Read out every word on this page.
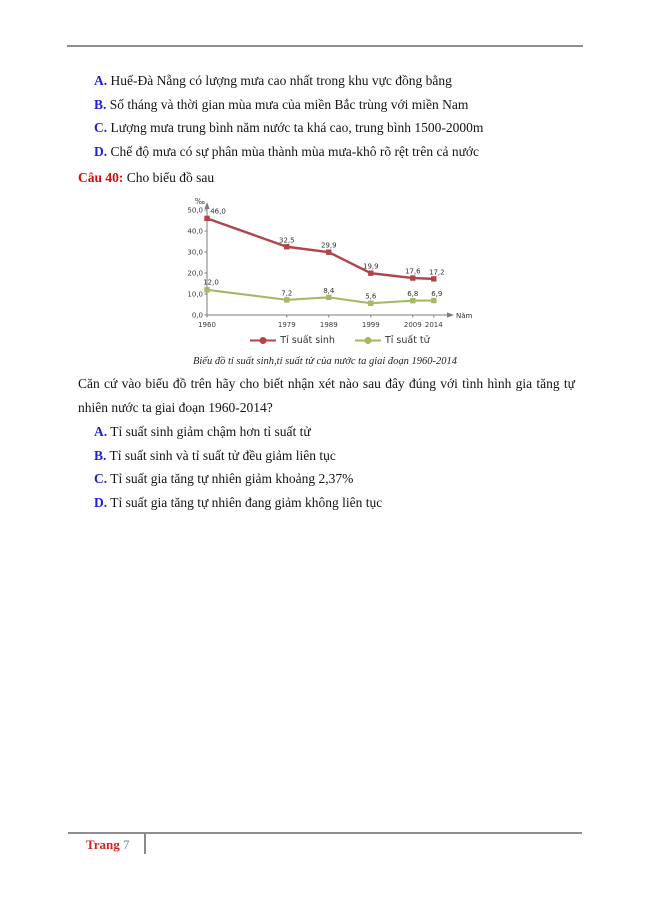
A. Huế-Đà Nẵng có lượng mưa cao nhất trong khu vực đồng bằng
B. Số tháng và thời gian mùa mưa của miền Bắc trùng với miền Nam
C. Lượng mưa trung bình năm nước ta khá cao, trung bình 1500-2000m
D. Chế độ mưa có sự phân mùa thành mùa mưa-khô rõ rệt trên cả nước
Câu 40: Cho biểu đồ sau
‰
Năm
0,0
10,0
20,0
30,0
40,0
50,0
1960	1979	1989	1999	2009 2014
46,0
32,5
29,9
19,9
17,6 17,2
12,0
7,2	8,4
5,6	6,8 6,9
Tỉ suất sinh	Tỉ suất tử
Biểu đồ tỉ suất sinh,tỉ suất tử của nước ta giai đoạn 1960-2014
Căn cứ vào biểu đồ trên hãy cho biết nhận xét nào sau đây đúng với tình hình gia tăng tự nhiên nước ta giai đoạn 1960-2014?
A. Tỉ suất sinh giảm chậm hơn tỉ suất tử
B. Tỉ suất sinh và tỉ suất tử đều giảm liên tục
C. Tỉ suất gia tăng tự nhiên giảm khoảng 2,37%
D. Tỉ suất gia tăng tự nhiên đang giảm không liên tục
Trang 7
